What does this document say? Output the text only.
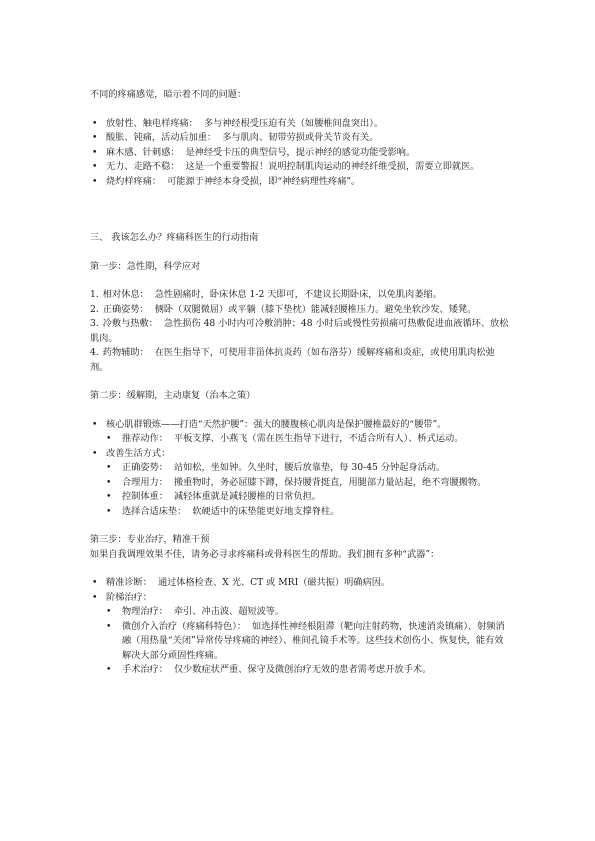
不同的疼痛感觉，暗示着不同的问题：

• 放射性、触电样疼痛： 多与神经根受压迫有关（如腰椎间盘突出）。
• 酸胀、钝痛，活动后加重： 多与肌肉、韧带劳损或骨关节炎有关。
• 麻木感、针刺感： 是神经受卡压的典型信号，提示神经的感觉功能受影响。
• 无力、走路不稳： 这是一个重要警报！说明控制肌肉运动的神经纤维受损，需要立即就医。
• 烧灼样疼痛： 可能源于神经本身受损，即“神经病理性疼痛”。

三、 我该怎么办？疼痛科医生的行动指南

第一步：急性期，科学应对

1. 相对休息： 急性剧痛时，卧床休息 1-2 天即可，不建议长期卧床，以免肌肉萎缩。

2. 正确姿势： 侧卧（双腿微屈）或平躺（膝下垫枕）能减轻腰椎压力。避免坐软沙发、矮凳。

3. 冷敷与热敷： 急性损伤 48 小时内可冷敷消肿；48 小时后或慢性劳损痛可热敷促进血液循环、放松肌肉。

4. 药物辅助： 在医生指导下，可使用非甾体抗炎药（如布洛芬）缓解疼痛和炎症，或使用肌肉松弛剂。

第二步：缓解期，主动康复（治本之策）

• 核心肌群锻炼——打造“天然护腰”：强大的腰腹核心肌肉是保护腰椎最好的“腰带”。
• 推荐动作： 平板支撑、小燕飞（需在医生指导下进行，不适合所有人）、桥式运动。
• 改善生活方式：
• 正确姿势： 站如松，坐如钟。久坐时，腰后放靠垫，每 30-45 分钟起身活动。
• 合理用力： 搬重物时，务必屈膝下蹲，保持腰背挺直，用腿部力量站起，绝不弯腰搬物。
• 控制体重： 减轻体重就是减轻腰椎的日常负担。
• 选择合适床垫： 软硬适中的床垫能更好地支撑脊柱。

第三步：专业治疗，精准干预

如果自我调理效果不佳，请务必寻求疼痛科或骨科医生的帮助。我们拥有多种“武器”：

• 精准诊断： 通过体格检查、X 光、CT 或 MRI（磁共振）明确病因。
• 阶梯治疗：
• 物理治疗： 牵引、冲击波、超短波等。
• 微创介入治疗（疼痛科特色）： 如选择性神经根阻滞（靶向注射药物，快速消炎镇痛）、射频消融（用热量“关闭”异常传导疼痛的神经）、椎间孔镜手术等。这些技术创伤小、恢复快，能有效解决大部分顽固性疼痛。
• 手术治疗： 仅少数症状严重、保守及微创治疗无效的患者需考虑开放手术。
